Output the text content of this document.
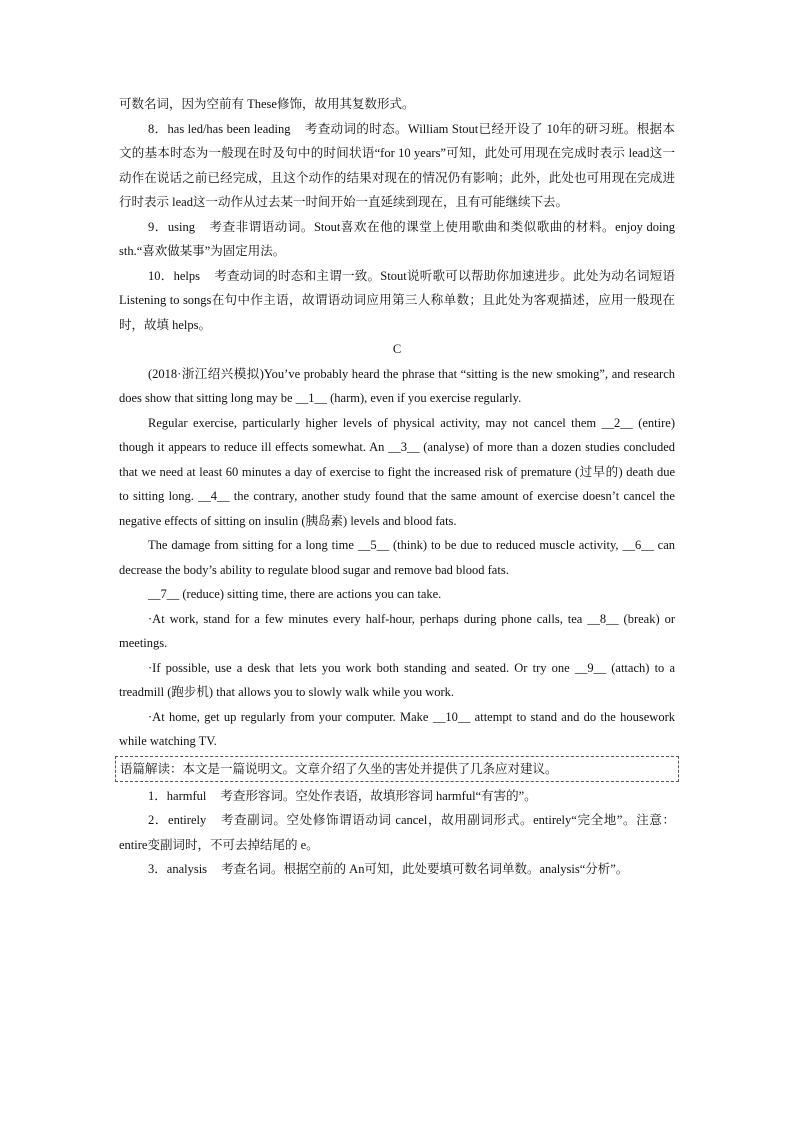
可数名词，因为空前有 These修饰，故用其复数形式。

8．has led/has been leading 考查动词的时态。William Stout已经开设了 10年的研习班。根据本文的基本时态为一般现在时及句中的时间状语“for 10 years”可知，此处可用现在完成时表示 lead这一动作在说话之前已经完成，且这个动作的结果对现在的情况仍有影响；此外，此处也可用现在完成进行时表示 lead这一动作从过去某一时间开始一直延续到现在，且有可能继续下去。

9．using 考查非谓语动词。Stout喜欢在他的课堂上使用歌曲和类似歌曲的材料。enjoy doing sth.“喜欢做某事”为固定用法。

10．helps 考查动词的时态和主谓一致。Stout说听歌可以帮助你加速进步。此处为动名词短语 Listening to songs在句中作主语，故谓语动词应用第三人称单数；且此处为客观描述，应用一般现在时，故填 helps。

C

(2018·浙江绍兴模拟)You’ve probably heard the phrase that “sitting is the new smoking”, and research does show that sitting long may be __1__ (harm), even if you exercise regularly.

Regular exercise, particularly higher levels of physical activity, may not cancel them __2__ (entire) though it appears to reduce ill effects somewhat. An __3__ (analyse) of more than a dozen studies concluded that we need at least 60 minutes a day of exercise to fight the increased risk of premature (过早的) death due to sitting long. __4__ the contrary, another study found that the same amount of exercise doesn’t cancel the negative effects of sitting on insulin (胰岛素) levels and blood fats.

The damage from sitting for a long time __5__ (think) to be due to reduced muscle activity, __6__ can decrease the body’s ability to regulate blood sugar and remove bad blood fats.

__7__ (reduce) sitting time, there are actions you can take.

·At work, stand for a few minutes every half-hour, perhaps during phone calls, tea __8__ (break) or meetings.

·If possible, use a desk that lets you work both standing and seated. Or try one __9__ (attach) to a treadmill (跑步机) that allows you to slowly walk while you work.

·At home, get up regularly from your computer. Make __10__ attempt to stand and do the housework while watching TV.

语篇解读：本文是一篇说明文。文章介绍了久坐的害处并提供了几条应对建议。

1．harmful 考查形容词。空处作表语，故填形容词 harmful“有害的”。

2．entirely 考查副词。空处修饰谓语动词 cancel，故用副词形式。entirely“完全地”。注意：entire变副词时，不可去掉结尾的 e。

3．analysis 考查名词。根据空前的 An可知，此处要填可数名词单数。analysis“分析”。
